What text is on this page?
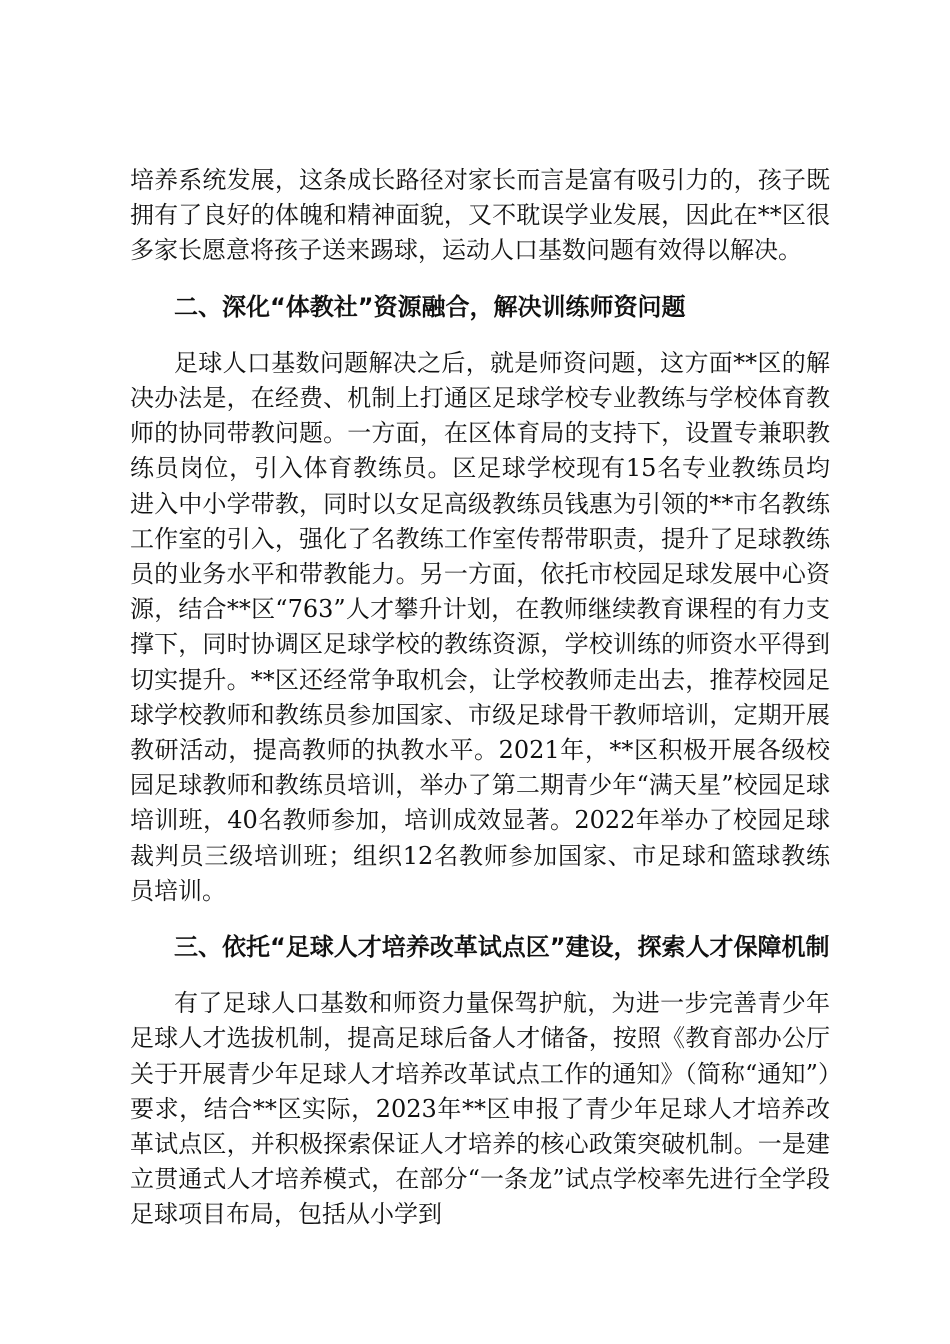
培养系统发展，这条成长路径对家长而言是富有吸引力的，孩子既拥有了良好的体魄和精神面貌，又不耽误学业发展，因此在**区很多家长愿意将孩子送来踢球，运动人口基数问题有效得以解决。

二、深化“体教社”资源融合，解决训练师资问题

足球人口基数问题解决之后，就是师资问题，这方面**区的解决办法是，在经费、机制上打通区足球学校专业教练与学校体育教师的协同带教问题。一方面，在区体育局的支持下，设置专兼职教练员岗位，引入体育教练员。区足球学校现有15名专业教练员均进入中小学带教，同时以女足高级教练员钱惠为引领的**市名教练工作室的引入，强化了名教练工作室传帮带职责，提升了足球教练员的业务水平和带教能力。另一方面，依托市校园足球发展中心资源，结合**区“763”人才攀升计划，在教师继续教育课程的有力支撑下，同时协调区足球学校的教练资源，学校训练的师资水平得到切实提升。**区还经常争取机会，让学校教师走出去，推荐校园足球学校教师和教练员参加国家、市级足球骨干教师培训，定期开展教研活动，提高教师的执教水平。2021年，**区积极开展各级校园足球教师和教练员培训，举办了第二期青少年“满天星”校园足球培训班，40名教师参加，培训成效显著。2022年举办了校园足球裁判员三级培训班；组织12名教师参加国家、市足球和篮球教练员培训。

三、依托“足球人才培养改革试点区”建设，探索人才保障机制

有了足球人口基数和师资力量保驾护航，为进一步完善青少年足球人才选拔机制，提高足球后备人才储备，按照《教育部办公厅关于开展青少年足球人才培养改革试点工作的通知》（简称“通知”）要求，结合**区实际，2023年**区申报了青少年足球人才培养改革试点区，并积极探索保证人才培养的核心政策突破机制。一是建立贯通式人才培养模式，在部分“一条龙”试点学校率先进行全学段足球项目布局，包括从小学到
